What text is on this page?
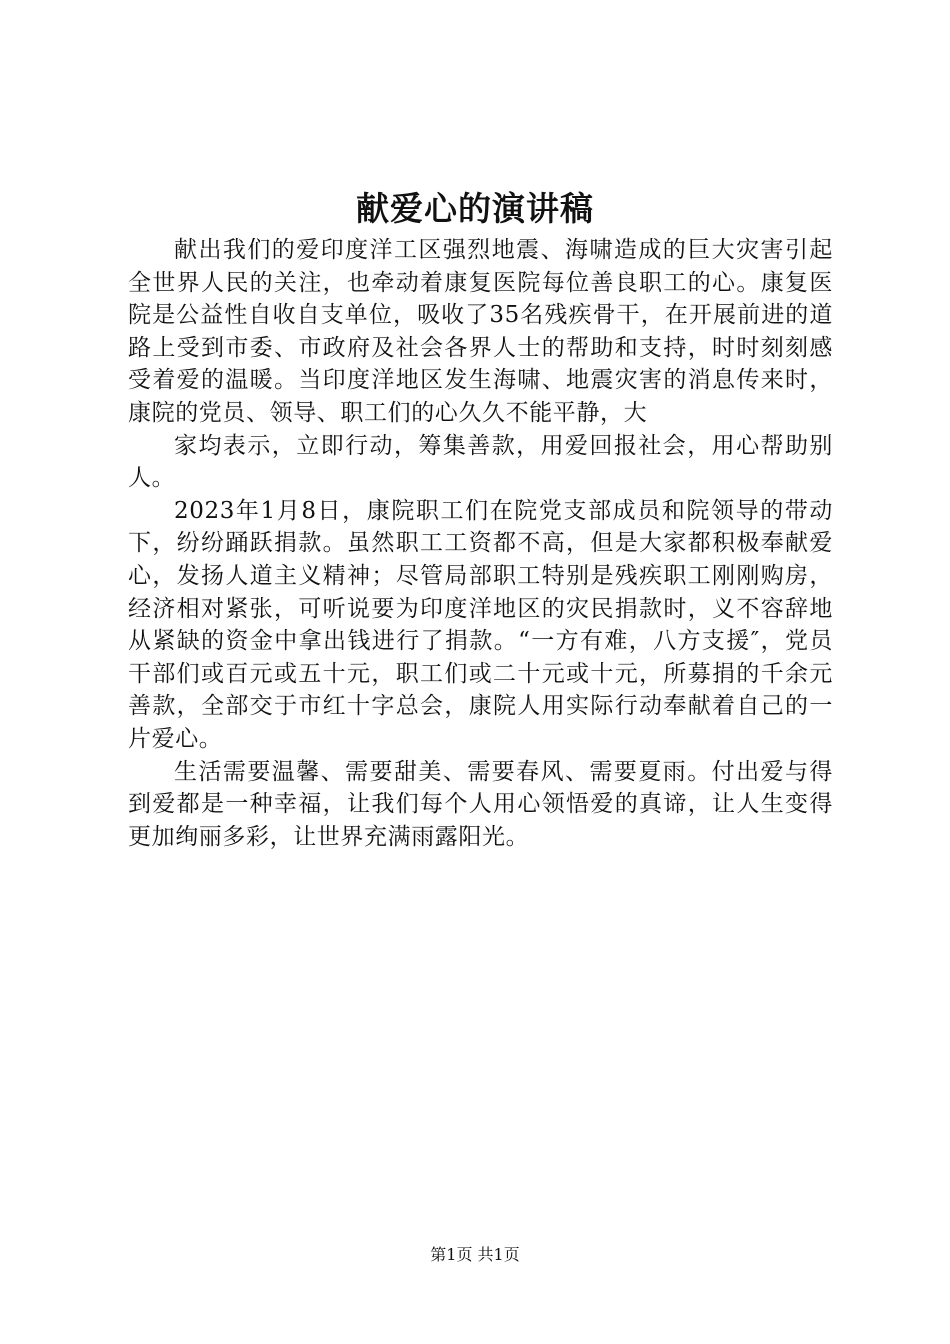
献爱心的演讲稿

献出我们的爱印度洋工区强烈地震、海啸造成的巨大灾害引起全世界人民的关注，也牵动着康复医院每位善良职工的心。康复医院是公益性自收自支单位，吸收了35名残疾骨干，在开展前进的道路上受到市委、市政府及社会各界人士的帮助和支持，时时刻刻感受着爱的温暖。当印度洋地区发生海啸、地震灾害的消息传来时，康院的党员、领导、职工们的心久久不能平静，大

家均表示，立即行动，筹集善款，用爱回报社会，用心帮助别人。

2023年1月8日，康院职工们在院党支部成员和院领导的带动下，纷纷踊跃捐款。虽然职工工资都不高，但是大家都积极奉献爱心，发扬人道主义精神；尽管局部职工特别是残疾职工刚刚购房，经济相对紧张，可听说要为印度洋地区的灾民捐款时，义不容辞地从紧缺的资金中拿出钱进行了捐款。“一方有难，八方支援″，党员干部们或百元或五十元，职工们或二十元或十元，所募捐的千余元善款，全部交于市红十字总会，康院人用实际行动奉献着自己的一片爱心。

生活需要温馨、需要甜美、需要春风、需要夏雨。付出爱与得到爱都是一种幸福，让我们每个人用心领悟爱的真谛，让人生变得更加绚丽多彩，让世界充满雨露阳光。

第1页 共1页
